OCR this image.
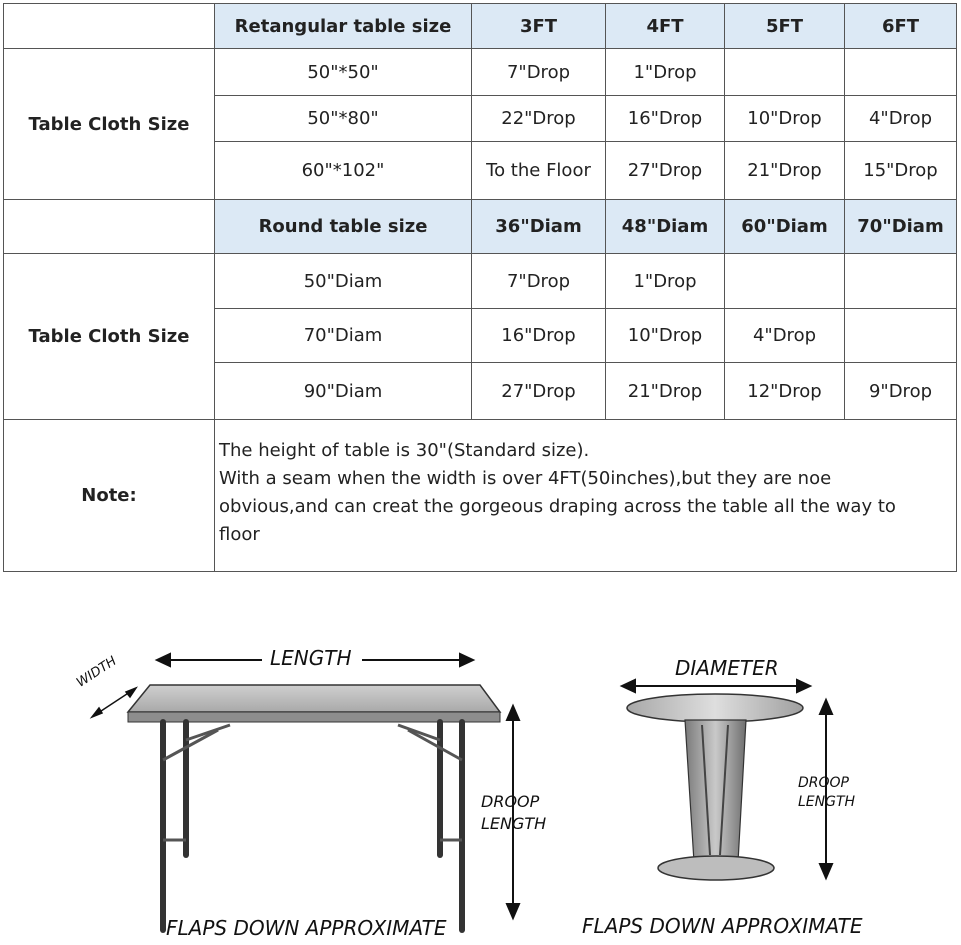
	Retangular table size	3FT	4FT	5FT	6FT
Table Cloth Size	50"*50"	7"Drop	1"Drop		
	50"*80"	22"Drop	16"Drop	10"Drop	4"Drop
	60"*102"	To the Floor	27"Drop	21"Drop	15"Drop
	Round table size	36"Diam	48"Diam	60"Diam	70"Diam
Table Cloth Size	50"Diam	7"Drop	1"Drop		
	70"Diam	16"Drop	10"Drop	4"Drop	
	90"Diam	27"Drop	21"Drop	12"Drop	9"Drop
Note:	The height of table is 30"(Standard size).
With a seam when the width is over 4FT(50inches),but they are noe
obvious,and can creat the gorgeous draping across the table all the way to
floor				
LENGTH
WIDTH
DROOP
LENGTH
FLAPS DOWN APPROXIMATE
DIAMETER
DROOP
LENGTH
FLAPS DOWN APPROXIMATE
